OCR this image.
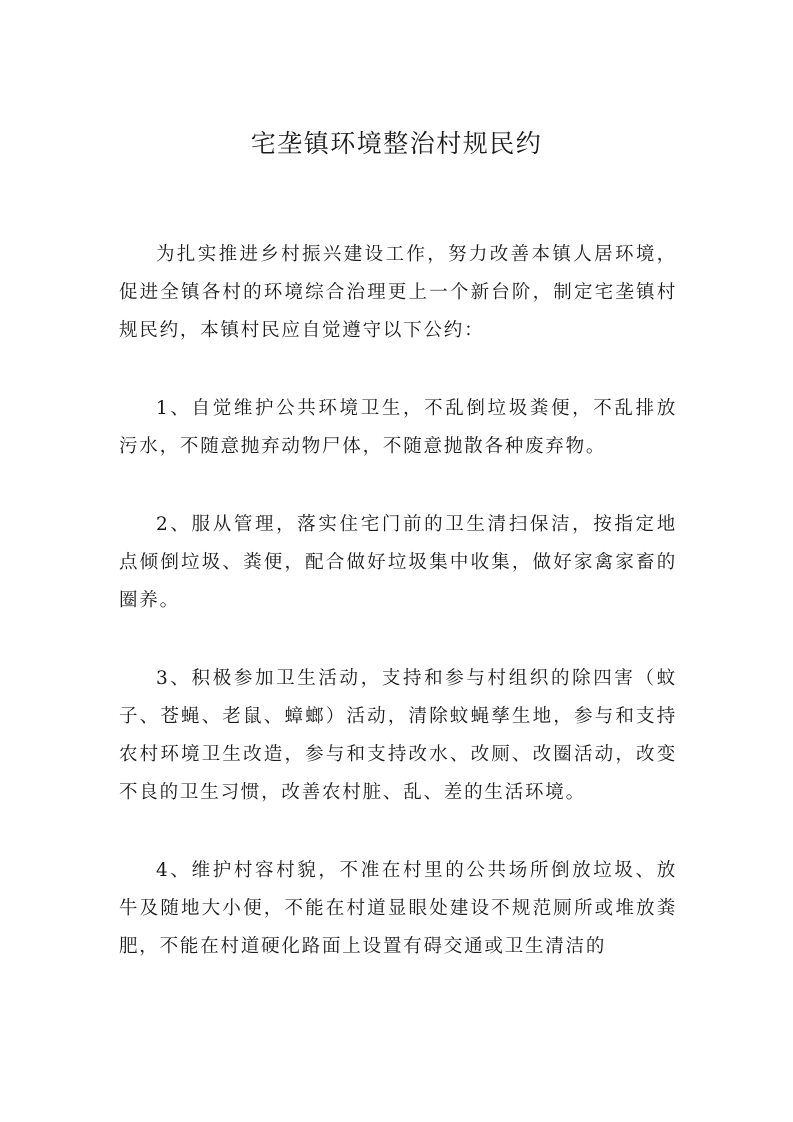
宅垄镇环境整治村规民约

为扎实推进乡村振兴建设工作，努力改善本镇人居环境，促进全镇各村的环境综合治理更上一个新台阶，制定宅垄镇村规民约，本镇村民应自觉遵守以下公约：

1、自觉维护公共环境卫生，不乱倒垃圾粪便，不乱排放污水，不随意抛弃动物尸体，不随意抛散各种废弃物。

2、服从管理，落实住宅门前的卫生清扫保洁，按指定地点倾倒垃圾、粪便，配合做好垃圾集中收集，做好家禽家畜的圈养。

3、积极参加卫生活动，支持和参与村组织的除四害（蚊子、苍蝇、老鼠、蟑螂）活动，清除蚊蝇孳生地，参与和支持农村环境卫生改造，参与和支持改水、改厕、改圈活动，改变不良的卫生习惯，改善农村脏、乱、差的生活环境。

4、维护村容村貌，不准在村里的公共场所倒放垃圾、放牛及随地大小便，不能在村道显眼处建设不规范厕所或堆放粪肥，不能在村道硬化路面上设置有碍交通或卫生清洁的
